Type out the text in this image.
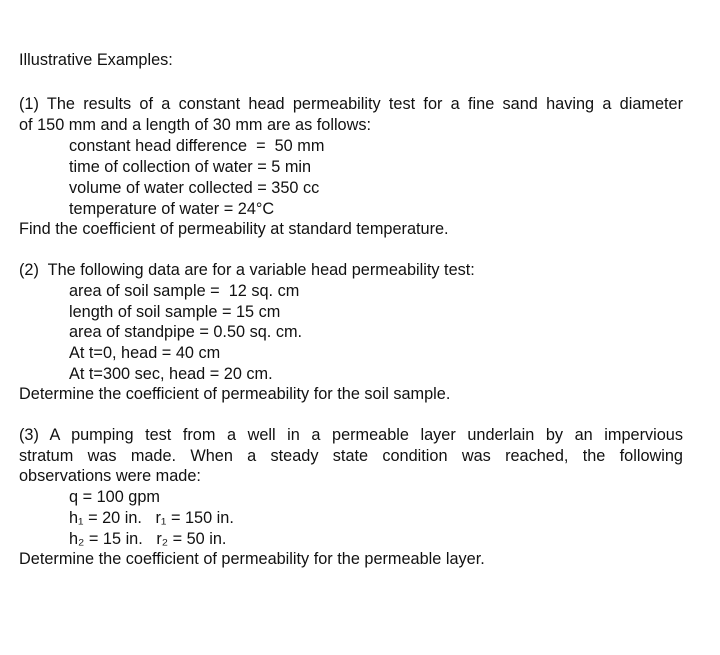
Illustrative Examples:
(1) The results of a constant head permeability test for a fine sand having a diameter
of 150 mm and a length of 30 mm are as follows:
constant head difference  =  50 mm
time of collection of water = 5 min
volume of water collected = 350 cc
temperature of water = 24°C
Find the coefficient of permeability at standard temperature.
(2)  The following data are for a variable head permeability test:
area of soil sample =  12 sq. cm
length of soil sample = 15 cm
area of standpipe = 0.50 sq. cm.
At t=0, head = 40 cm
At t=300 sec, head = 20 cm.
Determine the coefficient of permeability for the soil sample.
(3) A pumping test from a well in a permeable layer underlain by an impervious
stratum was made. When a steady state condition was reached, the following
observations were made:
q = 100 gpm
h₁ = 20 in.   r₁ = 150 in.
h₂ = 15 in.   r₂ = 50 in.
Determine the coefficient of permeability for the permeable layer.
